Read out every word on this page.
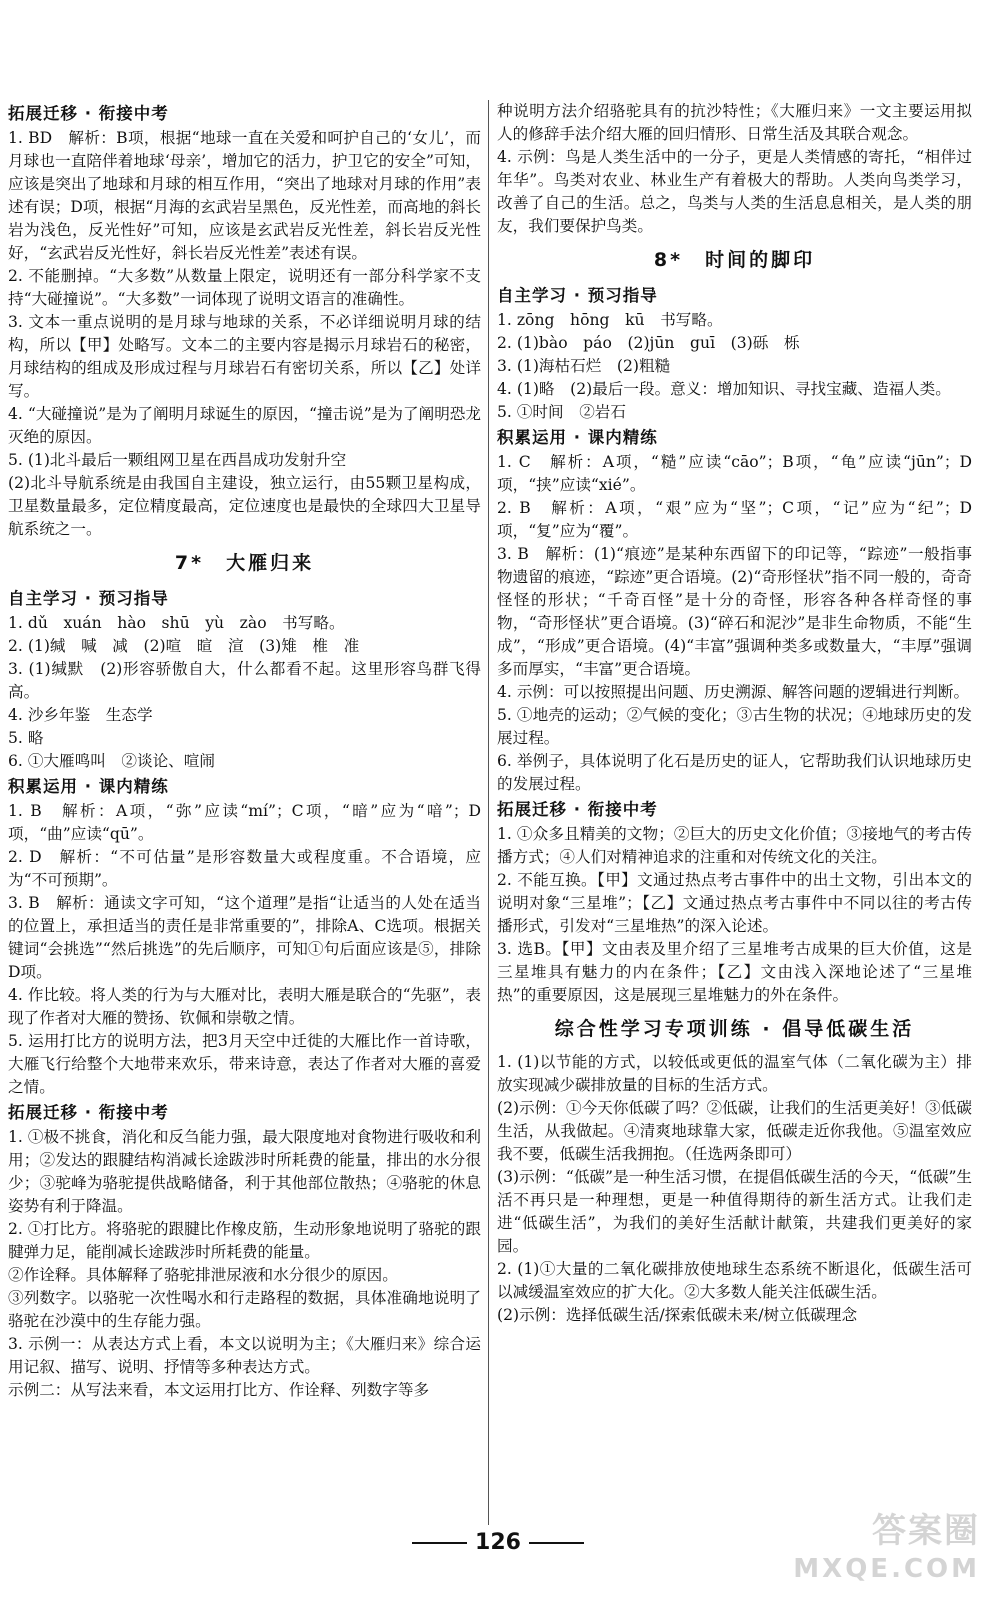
拓展迁移 · 衔接中考

1. BD　解析：B项，根据“地球一直在关爱和呵护自己的‘女儿’，而月球也一直陪伴着地球‘母亲’，增加它的活力，护卫它的安全”可知，应该是突出了地球和月球的相互作用，“突出了地球对月球的作用”表述有误；D项，根据“月海的玄武岩呈黑色，反光性差，而高地的斜长岩为浅色，反光性好”可知，应该是玄武岩反光性差，斜长岩反光性好，“玄武岩反光性好，斜长岩反光性差”表述有误。

2. 不能删掉。“大多数”从数量上限定，说明还有一部分科学家不支持“大碰撞说”。“大多数”一词体现了说明文语言的准确性。

3. 文本一重点说明的是月球与地球的关系，不必详细说明月球的结构，所以【甲】处略写。文本二的主要内容是揭示月球岩石的秘密，月球结构的组成及形成过程与月球岩石有密切关系，所以【乙】处详写。

4. “大碰撞说”是为了阐明月球诞生的原因，“撞击说”是为了阐明恐龙灭绝的原因。

5. (1)北斗最后一颗组网卫星在西昌成功发射升空

(2)北斗导航系统是由我国自主建设，独立运行，由55颗卫星构成，卫星数量最多，定位精度最高，定位速度也是最快的全球四大卫星导航系统之一。

7*　大雁归来

自主学习 · 预习指导

1. dǔ　xuán　hào　shū　yù　zào　书写略。

2. (1)缄　喊　减　(2)喧　暄　渲　(3)雉　椎　准

3. (1)缄默　(2)形容骄傲自大，什么都看不起。这里形容鸟群飞得高。

4. 沙乡年鉴　生态学

5. 略

6. ①大雁鸣叫　②谈论、喧闹

积累运用 · 课内精练

1. B　解析：A项，“弥”应读“mí”；C项，“暗”应为“喑”；D项，“曲”应读“qū”。

2. D　解析：“不可估量”是形容数量大或程度重。不合语境，应为“不可预期”。

3. B　解析：通读文字可知，“这个道理”是指“让适当的人处在适当的位置上，承担适当的责任是非常重要的”，排除A、C选项。根据关键词“会挑选”“然后挑选”的先后顺序，可知①句后面应该是⑤，排除D项。

4. 作比较。将人类的行为与大雁对比，表明大雁是联合的“先驱”，表现了作者对大雁的赞扬、钦佩和崇敬之情。

5. 运用打比方的说明方法，把3月天空中迁徙的大雁比作一首诗歌，大雁飞行给整个大地带来欢乐，带来诗意，表达了作者对大雁的喜爱之情。

拓展迁移 · 衔接中考

1. ①极不挑食，消化和反刍能力强，最大限度地对食物进行吸收和利用；②发达的跟腱结构消减长途跋涉时所耗费的能量，排出的水分很少；③驼峰为骆驼提供战略储备，利于其他部位散热；④骆驼的休息姿势有利于降温。

2. ①打比方。将骆驼的跟腱比作橡皮筋，生动形象地说明了骆驼的跟腱弹力足，能削减长途跋涉时所耗费的能量。

②作诠释。具体解释了骆驼排泄尿液和水分很少的原因。

③列数字。以骆驼一次性喝水和行走路程的数据，具体准确地说明了骆驼在沙漠中的生存能力强。

3. 示例一：从表达方式上看，本文以说明为主；《大雁归来》综合运用记叙、描写、说明、抒情等多种表达方式。

示例二：从写法来看，本文运用打比方、作诠释、列数字等多

种说明方法介绍骆驼具有的抗沙特性；《大雁归来》一文主要运用拟人的修辞手法介绍大雁的回归情形、日常生活及其联合观念。

4. 示例：鸟是人类生活中的一分子，更是人类情感的寄托，“相伴过年华”。鸟类对农业、林业生产有着极大的帮助。人类向鸟类学习，改善了自己的生活。总之，鸟类与人类的生活息息相关，是人类的朋友，我们要保护鸟类。

8*　时间的脚印

自主学习 · 预习指导

1. zōng　hōng　kū　书写略。

2. (1)bào　páo　(2)jūn　guī　(3)砾　栎

3. (1)海枯石烂　(2)粗糙

4. (1)略　(2)最后一段。意义：增加知识、寻找宝藏、造福人类。

5. ①时间　②岩石

积累运用 · 课内精练

1. C　解析：A项，“糙”应读“cāo”；B项，“龟”应读“jūn”；D项，“挟”应读“xié”。

2. B　解析：A项，“艰”应为“坚”；C项，“记”应为“纪”；D项，“复”应为“覆”。

3. B　解析：(1)“痕迹”是某种东西留下的印记等，“踪迹”一般指事物遗留的痕迹，“踪迹”更合语境。(2)“奇形怪状”指不同一般的，奇奇怪怪的形状；“千奇百怪”是十分的奇怪，形容各种各样奇怪的事物，“奇形怪状”更合语境。(3)“碎石和泥沙”是非生命物质，不能“生成”，“形成”更合语境。(4)“丰富”强调种类多或数量大，“丰厚”强调多而厚实，“丰富”更合语境。

4. 示例：可以按照提出问题、历史溯源、解答问题的逻辑进行判断。

5. ①地壳的运动；②气候的变化；③古生物的状况；④地球历史的发展过程。

6. 举例子，具体说明了化石是历史的证人，它帮助我们认识地球历史的发展过程。

拓展迁移 · 衔接中考

1. ①众多且精美的文物；②巨大的历史文化价值；③接地气的考古传播方式；④人们对精神追求的注重和对传统文化的关注。

2. 不能互换。【甲】文通过热点考古事件中的出土文物，引出本文的说明对象“三星堆”；【乙】文通过热点考古事件中不同以往的考古传播形式，引发对“三星堆热”的深入论述。

3. 选B。【甲】文由表及里介绍了三星堆考古成果的巨大价值，这是三星堆具有魅力的内在条件；【乙】文由浅入深地论述了“三星堆热”的重要原因，这是展现三星堆魅力的外在条件。

综合性学习专项训练 · 倡导低碳生活

1. (1)以节能的方式，以较低或更低的温室气体（二氧化碳为主）排放实现减少碳排放量的目标的生活方式。

(2)示例：①今天你低碳了吗？②低碳，让我们的生活更美好！③低碳生活，从我做起。④清爽地球靠大家，低碳走近你我他。⑤温室效应我不要，低碳生活我拥抱。（任选两条即可）

(3)示例：“低碳”是一种生活习惯，在提倡低碳生活的今天，“低碳”生活不再只是一种理想，更是一种值得期待的新生活方式。让我们走进“低碳生活”，为我们的美好生活献计献策，共建我们更美好的家园。

2. (1)①大量的二氧化碳排放使地球生态系统不断退化，低碳生活可以减缓温室效应的扩大化。②大多数人能关注低碳生活。

(2)示例：选择低碳生活/探索低碳未来/树立低碳理念

126	答案圈
MXQE.COM
